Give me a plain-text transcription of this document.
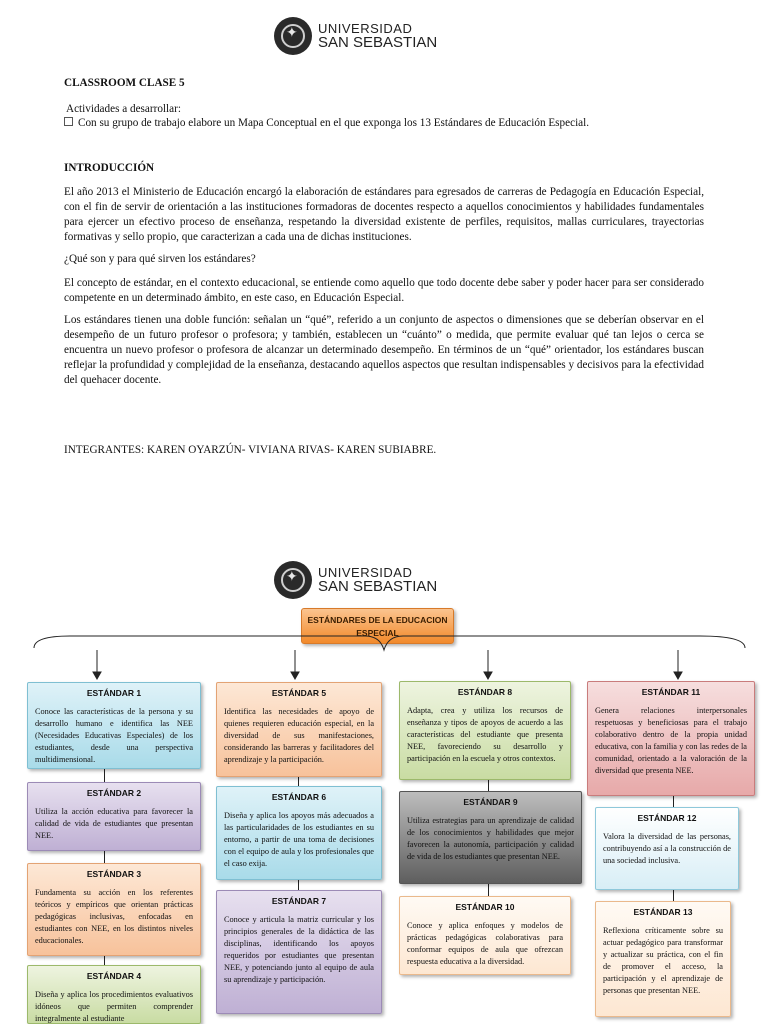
✦
UNIVERSIDAD
SAN SEBASTIAN
CLASSROOM CLASE 5
Actividades a desarrollar:
Con su grupo de trabajo elabore un Mapa Conceptual en el que exponga los 13 Estándares de Educación Especial.
INTRODUCCIÓN
El año 2013 el Ministerio de Educación encargó la elaboración de estándares para egresados de carreras de Pedagogía en Educación Especial, con el fin de servir de orientación a las instituciones formadoras de docentes respecto a aquellos conocimientos y habilidades fundamentales para ejercer un efectivo proceso de enseñanza, respetando la diversidad existente de perfiles, requisitos, mallas curriculares, trayectorias formativas y sello propio, que caracterizan a cada una de dichas instituciones.
¿Qué son y para qué sirven los estándares?
El concepto de estándar, en el contexto educacional, se entiende como aquello que todo docente debe saber y poder hacer para ser considerado competente en un determinado ámbito, en este caso, en Educación Especial.
Los estándares tienen una doble función: señalan un “qué”, referido a un conjunto de aspectos o dimensiones que se deberían observar en el desempeño de un futuro profesor o profesora; y también, establecen un “cuánto” o medida, que permite evaluar qué tan lejos o cerca se encuentra un nuevo profesor o profesora de alcanzar un determinado desempeño. En términos de un “qué” orientador, los estándares buscan reflejar la profundidad y complejidad de la enseñanza, destacando aquellos aspectos que resultan indispensables y decisivos para la efectividad del quehacer docente.
INTEGRANTES: KAREN OYARZÚN- VIVIANA RIVAS- KAREN SUBIABRE.
✦
UNIVERSIDAD
SAN SEBASTIAN
ESTÁNDARES DE LA EDUCACION ESPECIAL
ESTÁNDAR 1
Conoce las características de la persona y su desarrollo humano e identifica las NEE (Necesidades Educativas Especiales) de los estudiantes, desde una perspectiva multidimensional.
ESTÁNDAR 2
Utiliza la acción educativa para favorecer la calidad de vida de estudiantes que presentan NEE.
ESTÁNDAR 3
Fundamenta su acción en los referentes teóricos y empíricos que orientan prácticas pedagógicas inclusivas, enfocadas en estudiantes con NEE, en los distintos niveles educacionales.
ESTÁNDAR 4
Diseña y aplica los procedimientos evaluativos idóneos que permiten comprender integralmente al estudiante
ESTÁNDAR 5
Identifica las necesidades de apoyo de quienes requieren educación especial, en la diversidad de sus manifestaciones, considerando las barreras y facilitadores del aprendizaje y la participación.
ESTÁNDAR 6
Diseña y aplica los apoyos más adecuados a las particularidades de los estudiantes en su entorno, a partir de una toma de decisiones con el equipo de aula y los profesionales que el caso exija.
ESTÁNDAR 7
Conoce y articula la matriz curricular y los principios generales de la didáctica de las disciplinas, identificando los apoyos requeridos por estudiantes que presentan NEE, y potenciando junto al equipo de aula su aprendizaje y participación.
ESTÁNDAR 8
Adapta, crea y utiliza los recursos de enseñanza y tipos de apoyos de acuerdo a las características del estudiante que presenta NEE, favoreciendo su desarrollo y participación en la escuela y otros contextos.
ESTÁNDAR 9
Utiliza estrategias para un aprendizaje de calidad de los conocimientos y habilidades que mejor favorecen la autonomía, participación y calidad de vida de los estudiantes que presentan NEE.
ESTÁNDAR 10
Conoce y aplica enfoques y modelos de prácticas pedagógicas colaborativas para conformar equipos de aula que ofrezcan respuesta educativa a la diversidad.
ESTÁNDAR 11
Genera relaciones interpersonales respetuosas y beneficiosas para el trabajo colaborativo dentro de la propia unidad educativa, con la familia y con las redes de la comunidad, orientado a la valoración de la diversidad que presenta NEE.
ESTÁNDAR 12
Valora la diversidad de las personas, contribuyendo así a la construcción de una sociedad inclusiva.
ESTÁNDAR 13
Reflexiona críticamente sobre su actuar pedagógico para transformar y actualizar su práctica, con el fin de promover el acceso, la participación y el aprendizaje de personas que presentan NEE.
